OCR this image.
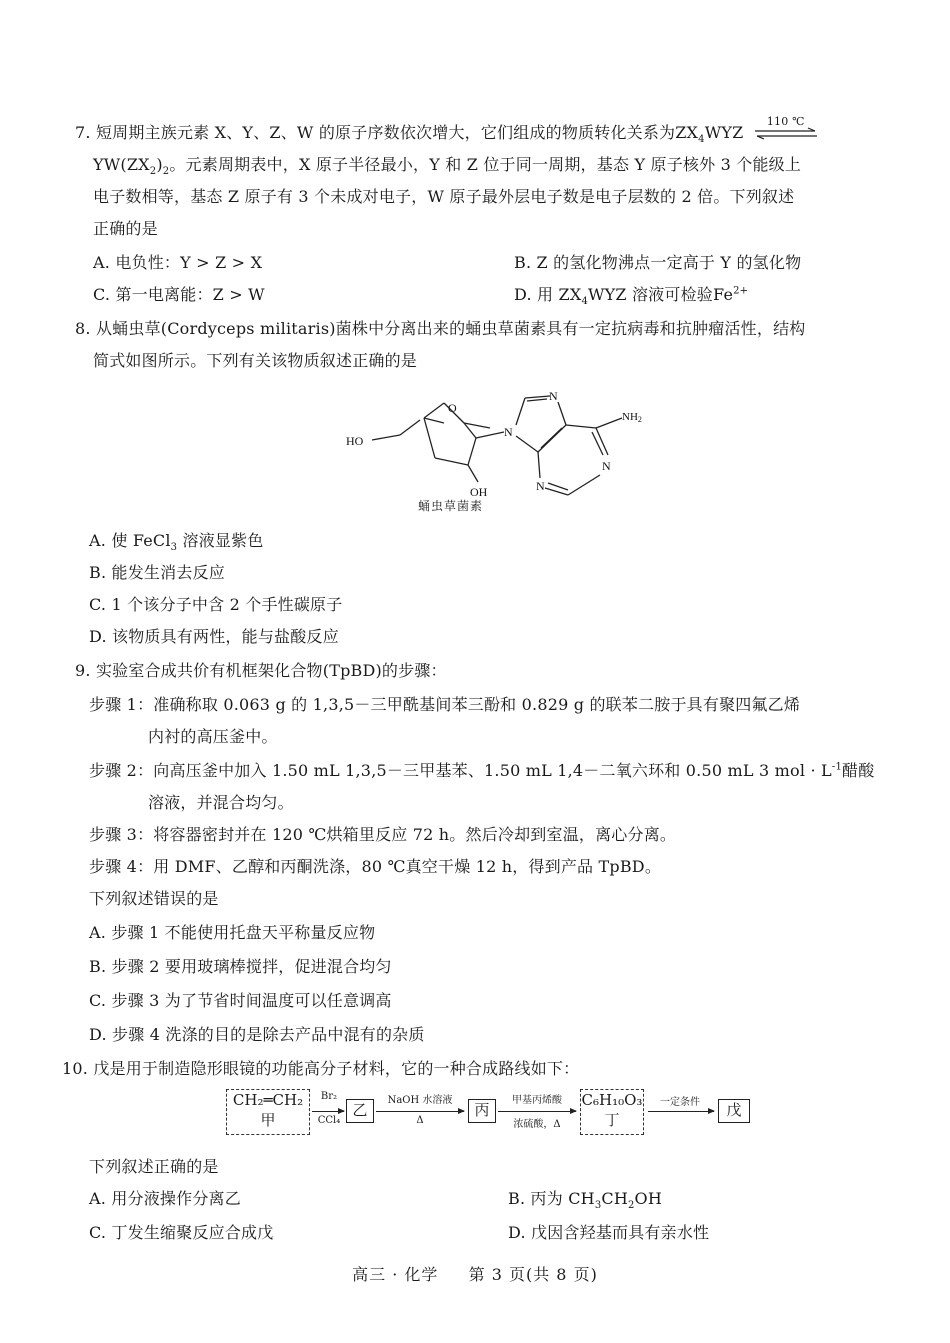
7. 短周期主族元素 X、Y、Z、W 的原子序数依次增大，它们组成的物质转化关系为$ZX_4WYZ$
110 ℃
$YW(ZX_2)_2$。元素周期表中，X 原子半径最小，Y 和 Z 位于同一周期，基态 Y 原子核外 3 个能级上
电子数相等，基态 Z 原子有 3 个未成对电子，W 原子最外层电子数是电子层数的 2 倍。下列叙述
正确的是
A. 电负性：Y > Z > X	B. Z 的氢化物沸点一定高于 Y 的氢化物
C. 第一电离能：Z > W	D. 用 $ZX_4WYZ$ 溶液可检验$Fe^{2+}$
8. 从蛹虫草(Cordyceps militaris)菌株中分离出来的蛹虫草菌素具有一定抗病毒和抗肿瘤活性，结构
简式如图所示。下列有关该物质叙述正确的是
HO
O
N
N
N
N
NH2
OH
蛹虫草菌素
A. 使 FeCl$_3$ 溶液显紫色
B. 能发生消去反应
C. 1 个该分子中含 2 个手性碳原子
D. 该物质具有两性，能与盐酸反应
9. 实验室合成共价有机框架化合物(TpBD)的步骤：
步骤 1：准确称取 0.063 g 的 1,3,5－三甲酰基间苯三酚和 0.829 g 的联苯二胺于具有聚四氟乙烯
内衬的高压釜中。
步骤 2：向高压釜中加入 1.50 mL 1,3,5－三甲基苯、1.50 mL 1,4－二氧六环和 0.50 mL 3 mol · $L^{-1}$醋酸
溶液，并混合均匀。
步骤 3：将容器密封并在 120 ℃烘箱里反应 72 h。然后冷却到室温，离心分离。
步骤 4：用 DMF、乙醇和丙酮洗涤，80 ℃真空干燥 12 h，得到产品 TpBD。
下列叙述错误的是
A. 步骤 1 不能使用托盘天平称量反应物
B. 步骤 2 要用玻璃棒搅拌，促进混合均匀
C. 步骤 3 为了节省时间温度可以任意调高
D. 步骤 4 洗涤的目的是除去产品中混有的杂质
10. 戊是用于制造隐形眼镜的功能高分子材料，它的一种合成路线如下：
CH₂═CH₂
甲
Br₂
CCl₄
乙
NaOH 水溶液
Δ
丙
甲基丙烯酸
浓硫酸，Δ
C₆H₁₀O₃
丁
一定条件	戊
下列叙述正确的是
A. 用分液操作分离乙	B. 丙为 $CH_3CH_2OH$
C. 丁发生缩聚反应合成戊	D. 戊因含羟基而具有亲水性
高三 · 化学 第 3 页(共 8 页)
